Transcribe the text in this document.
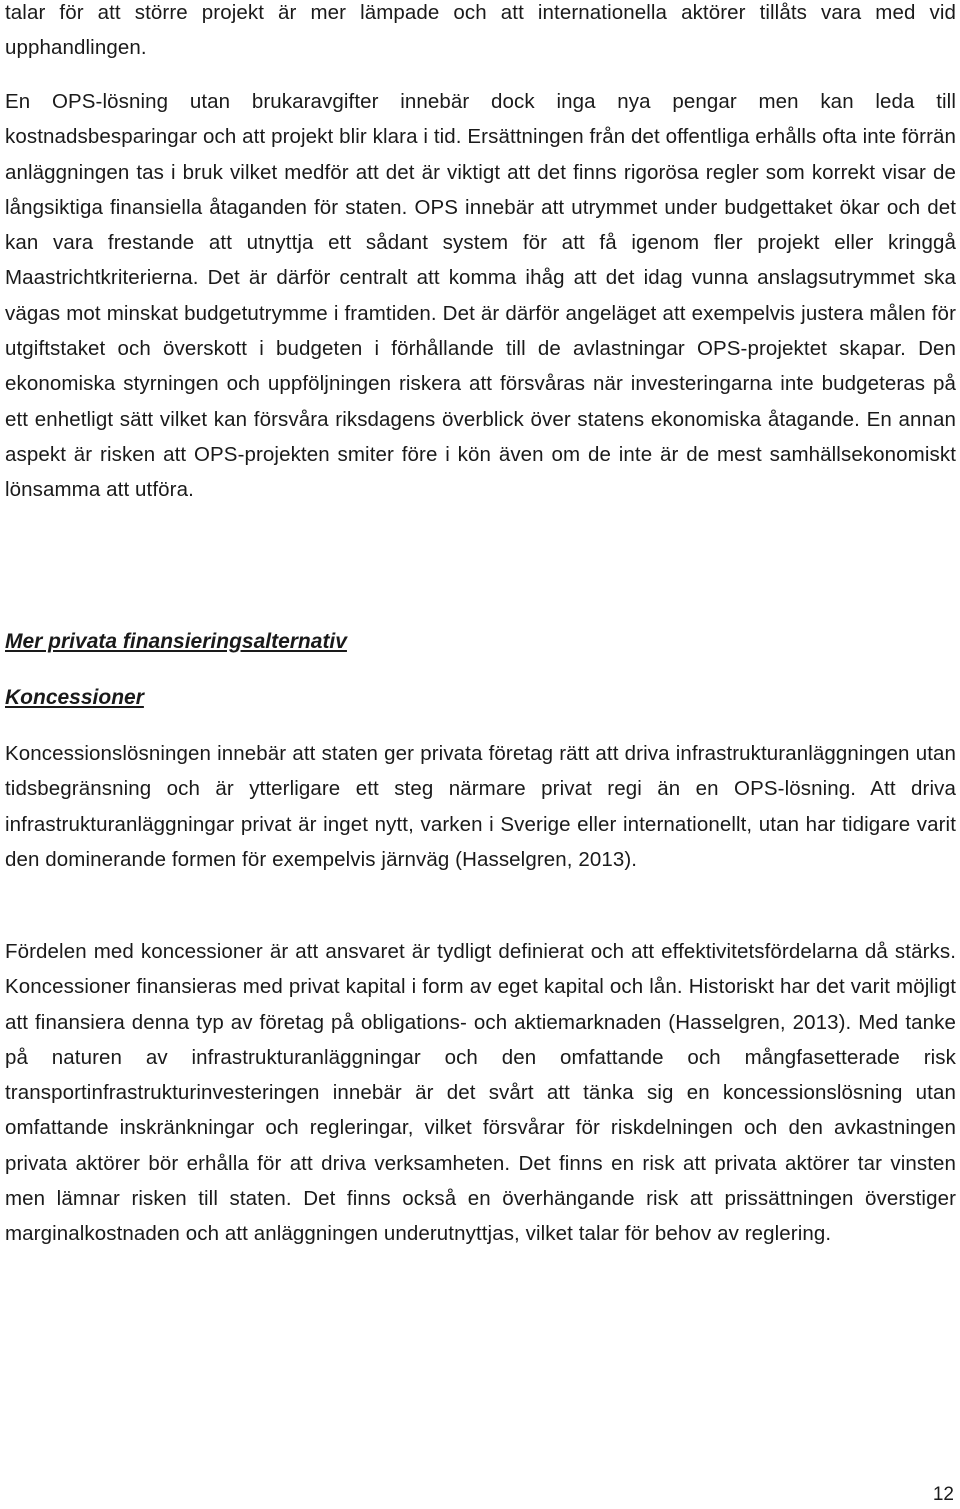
talar för att större projekt är mer lämpade och att internationella aktörer tillåts vara med vid upphandlingen.

En OPS-lösning utan brukaravgifter innebär dock inga nya pengar men kan leda till kostnadsbesparingar och att projekt blir klara i tid. Ersättningen från det offentliga erhålls ofta inte förrän anläggningen tas i bruk vilket medför att det är viktigt att det finns rigorösa regler som korrekt visar de långsiktiga finansiella åtaganden för staten. OPS innebär att utrymmet under budgettaket ökar och det kan vara frestande att utnyttja ett sådant system för att få igenom fler projekt eller kringgå Maastrichtkriterierna. Det är därför centralt att komma ihåg att det idag vunna anslagsutrymmet ska vägas mot minskat budgetutrymme i framtiden. Det är därför angeläget att exempelvis justera målen för utgiftstaket och överskott i budgeten i förhållande till de avlastningar OPS-projektet skapar. Den ekonomiska styrningen och uppföljningen riskera att försvåras när investeringarna inte budgeteras på ett enhetligt sätt vilket kan försvåra riksdagens överblick över statens ekonomiska åtagande. En annan aspekt är risken att OPS-projekten smiter före i kön även om de inte är de mest samhällsekonomiskt lönsamma att utföra.

Mer privata finansieringsalternativ
Koncessioner

Koncessionslösningen innebär att staten ger privata företag rätt att driva infrastrukturanläggningen utan tidsbegränsning och är ytterligare ett steg närmare privat regi än en OPS-lösning. Att driva infrastrukturanläggningar privat är inget nytt, varken i Sverige eller internationellt, utan har tidigare varit den dominerande formen för exempelvis järnväg (Hasselgren, 2013).

Fördelen med koncessioner är att ansvaret är tydligt definierat och att effektivitetsfördelarna då stärks. Koncessioner finansieras med privat kapital i form av eget kapital och lån. Historiskt har det varit möjligt att finansiera denna typ av företag på obligations- och aktiemarknaden (Hasselgren, 2013). Med tanke på naturen av infrastrukturanläggningar och den omfattande och mångfasetterade risk transportinfrastrukturinvesteringen innebär är det svårt att tänka sig en koncessionslösning utan omfattande inskränkningar och regleringar, vilket försvårar för riskdelningen och den avkastningen privata aktörer bör erhålla för att driva verksamheten. Det finns en risk att privata aktörer tar vinsten men lämnar risken till staten. Det finns också en överhängande risk att prissättningen överstiger marginalkostnaden och att anläggningen underutnyttjas, vilket talar för behov av reglering.

12
